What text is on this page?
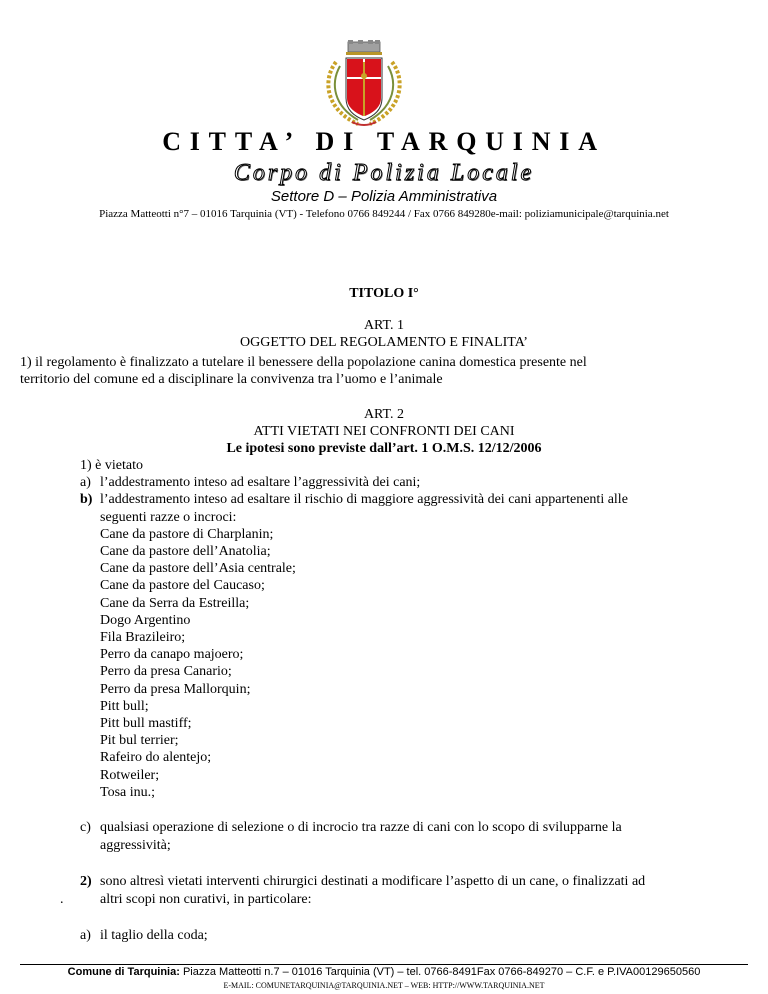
CITTA’ DI TARQUINIA
Corpo di Polizia Locale
Settore D – Polizia Amministrativa
Piazza Matteotti n°7 – 01016 Tarquinia (VT) - Telefono 0766 849244 / Fax 0766 849280e-mail: poliziamunicipale@tarquinia.net
TITOLO I°
ART. 1
OGGETTO DEL REGOLAMENTO E FINALITA’
1) il regolamento è finalizzato a tutelare il benessere della popolazione canina domestica presente nel
territorio del comune ed a disciplinare la convivenza tra l’uomo e l’animale
ART. 2
ATTI VIETATI NEI CONFRONTI DEI CANI
Le ipotesi sono previste dall’art. 1 O.M.S. 12/12/2006
1) è vietato
a) l’addestramento inteso ad esaltare l’aggressività dei cani;
b) l’addestramento inteso ad esaltare il rischio di maggiore aggressività dei cani appartenenti alle
seguenti razze o incroci:
Cane da pastore di Charplanin;
Cane da pastore dell’Anatolia;
Cane da pastore dell’Asia centrale;
Cane da pastore del Caucaso;
Cane da Serra da Estreilla;
Dogo Argentino
Fila Brazileiro;
Perro da canapo majoero;
Perro da presa Canario;
Perro da presa Mallorquin;
Pitt bull;
Pitt bull mastiff;
Pit bul terrier;
Rafeiro do alentejo;
Rotweiler;
Tosa inu.;
c) qualsiasi operazione di selezione o di incrocio tra razze di cani con lo scopo di svilupparne la
aggressività;
2) sono altresì vietati interventi chirurgici destinati a modificare l’aspetto di un cane, o finalizzati ad
.	altri scopi non curativi, in particolare:
a) il taglio della coda;
Comune di Tarquinia: Piazza Matteotti n.7 – 01016 Tarquinia (VT) – tel. 0766-8491Fax 0766-849270 – C.F. e P.IVA00129650560
E-MAIL: COMUNETARQUINIA@TARQUINIA.NET – WEB: HTTP://WWW.TARQUINIA.NET
